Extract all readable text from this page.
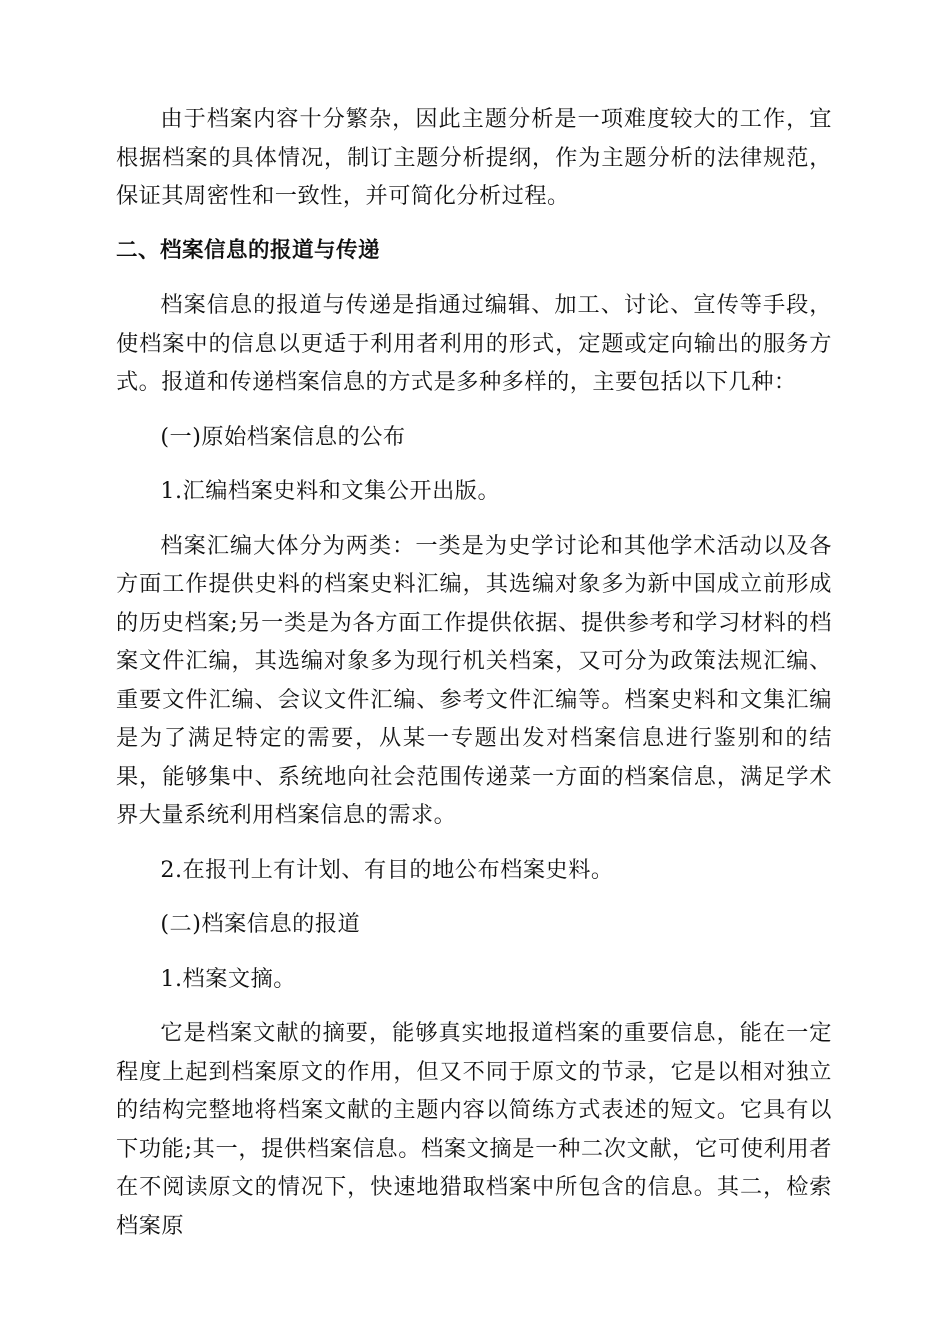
由于档案内容十分繁杂，因此主题分析是一项难度较大的工作，宜根据档案的具体情况，制订主题分析提纲，作为主题分析的法律规范，保证其周密性和一致性，并可简化分析过程。

二、档案信息的报道与传递

档案信息的报道与传递是指通过编辑、加工、讨论、宣传等手段，使档案中的信息以更适于利用者利用的形式，定题或定向输出的服务方式。报道和传递档案信息的方式是多种多样的，主要包括以下几种：

(一)原始档案信息的公布

1.汇编档案史料和文集公开出版。

档案汇编大体分为两类：一类是为史学讨论和其他学术活动以及各方面工作提供史料的档案史料汇编，其选编对象多为新中国成立前形成的历史档案;另一类是为各方面工作提供依据、提供参考和学习材料的档案文件汇编，其选编对象多为现行机关档案，又可分为政策法规汇编、重要文件汇编、会议文件汇编、参考文件汇编等。档案史料和文集汇编是为了满足特定的需要，从某一专题出发对档案信息进行鉴别和的结果，能够集中、系统地向社会范围传递菜一方面的档案信息，满足学术界大量系统利用档案信息的需求。

2.在报刊上有计划、有目的地公布档案史料。

(二)档案信息的报道

1.档案文摘。

它是档案文献的摘要，能够真实地报道档案的重要信息，能在一定程度上起到档案原文的作用，但又不同于原文的节录，它是以相对独立的结构完整地将档案文献的主题内容以简练方式表述的短文。它具有以下功能;其一，提供档案信息。档案文摘是一种二次文献，它可使利用者在不阅读原文的情况下，快速地猎取档案中所包含的信息。其二，检索档案原
